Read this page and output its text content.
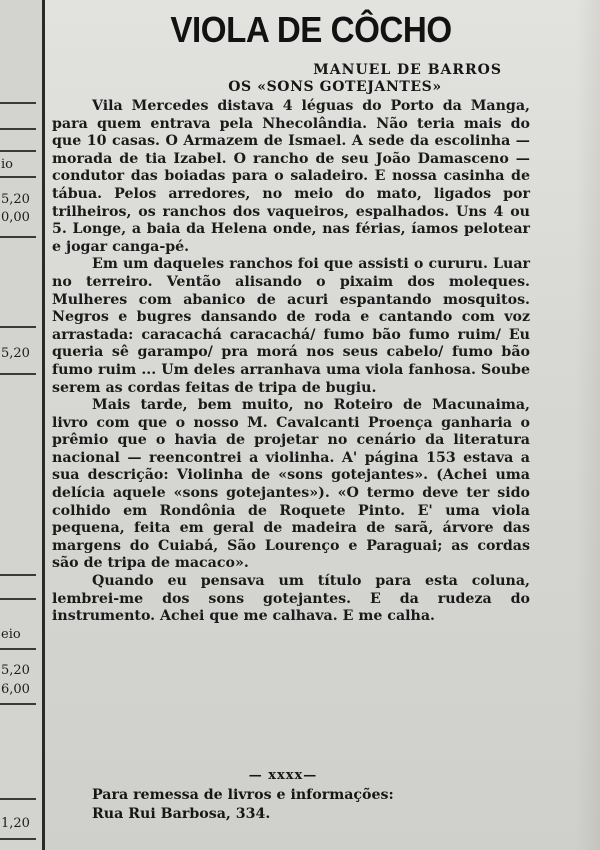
io
5,20
0,00
5,20
eio
5,20
6,00
1,20
VIOLA DE CÔCHO
MANUEL DE BARROS
OS «SONS GOTEJANTES»

Vila Mercedes distava 4 léguas do Porto da Manga, para quem entrava pela Nhecolândia. Não teria mais do que 10 casas. O Armazem de Ismael. A sede da escolinha — morada de tia Izabel. O rancho de seu João Damasceno — condutor das boiadas para o saladeiro. E nossa casinha de tábua. Pelos arredores, no meio do mato, ligados por trilheiros, os ranchos dos vaqueiros, espalhados. Uns 4 ou 5. Longe, a baia da Helena onde, nas férias, íamos pelotear e jogar canga-pé.

Em um daqueles ranchos foi que assisti o cururu. Luar no terreiro. Ventão alisando o pixaim dos moleques. Mulheres com abanico de acuri espantando mosquitos. Negros e bugres dansando de roda e cantando com voz arrastada: caracachá caracachá/ fumo bão fumo ruim/ Eu queria sê garampo/ pra morá nos seus cabelo/ fumo bão fumo ruim ... Um deles arranhava uma viola fanhosa. Soube serem as cordas feitas de tripa de bugiu.

Mais tarde, bem muito, no Roteiro de Macunaima, livro com que o nosso M. Cavalcanti Proença ganharia o prêmio que o havia de projetar no cenário da literatura nacional — reencontrei a violinha. A' página 153 estava a sua descrição: Violinha de «sons gotejantes». (Achei uma delícia aquele «sons gotejantes»). «O termo deve ter sido colhido em Rondônia de Roquete Pinto. E' uma viola pequena, feita em geral de madeira de sarã, árvore das margens do Cuiabá, São Lourenço e Paraguai; as cordas são de tripa de macaco».

Quando eu pensava um título para esta coluna, lembrei-me dos sons gotejantes. E da rudeza do instrumento. Achei que me calhava. E me calha.

— xxxx—
Para remessa de livros e informações:
Rua Rui Barbosa, 334.
